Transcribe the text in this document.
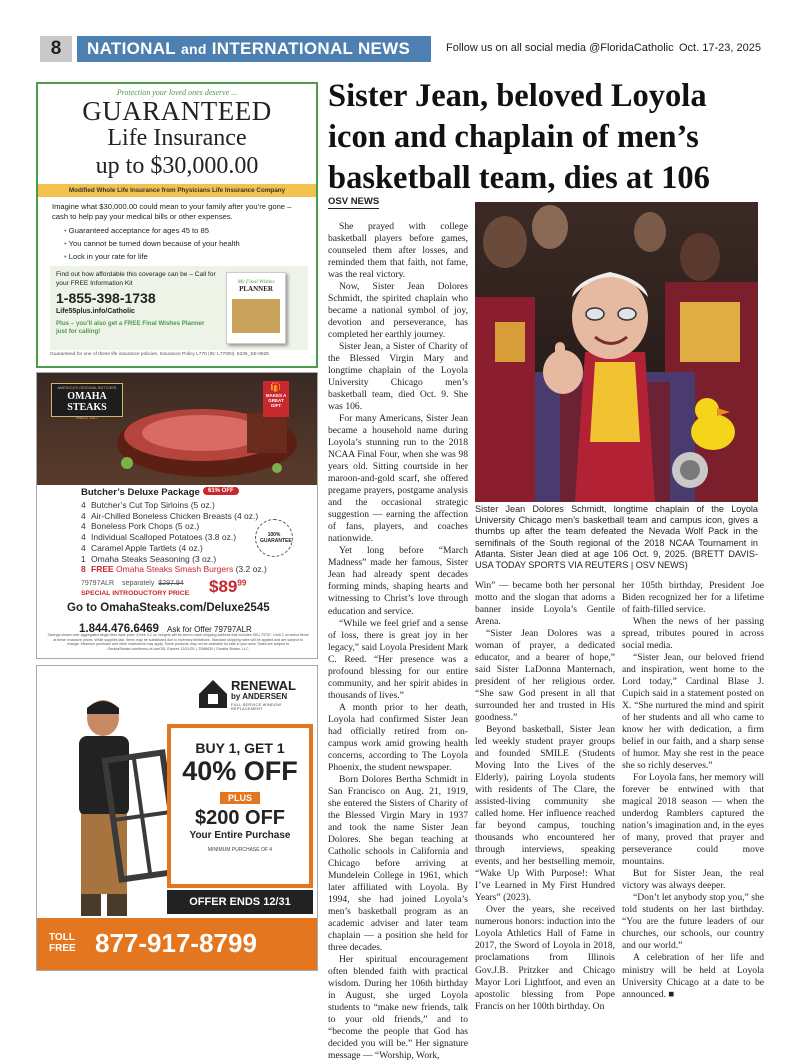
8	NATIONAL and INTERNATIONAL NEWS	Follow us on all social media @FloridaCatholic Oct. 17-23, 2025
Sister Jean, beloved Loyola icon and chaplain of men’s basketball team, dies at 106
OSV NEWS

She prayed with college basketball players before games, counseled them after losses, and reminded them that faith, not fame, was the real victory.

Now, Sister Jean Dolores Schmidt, the spirited chaplain who became a national symbol of joy, devotion and perseverance, has completed her earthly journey.

Sister Jean, a Sister of Charity of the Blessed Virgin Mary and longtime chaplain of the Loyola University Chicago men’s basketball team, died Oct. 9. She was 106.

For many Americans, Sister Jean became a household name during Loyola’s stunning run to the 2018 NCAA Final Four, when she was 98 years old. Sitting courtside in her maroon-and-gold scarf, she offered pregame prayers, postgame analysis and the occasional strategic suggestion — earning the affection of fans, players, and coaches nationwide.

Yet long before “March Madness” made her famous, Sister Jean had already spent decades forming minds, shaping hearts and witnessing to Christ’s love through education and service.

“While we feel grief and a sense of loss, there is great joy in her legacy,” said Loyola President Mark C. Reed. “Her presence was a profound blessing for our entire community, and her spirit abides in thousands of lives.”

A month prior to her death, Loyola had confirmed Sister Jean had officially retired from on-campus work amid growing health concerns, according to The Loyola Phoenix, the student newspaper.

Born Dolores Bertha Schmidt in San Francisco on Aug. 21, 1919, she entered the Sisters of Charity of the Blessed Virgin Mary in 1937 and took the name Sister Jean Dolores. She began teaching at Catholic schools in California and Chicago before arriving at Mundelein College in 1961, which later affiliated with Loyola. By 1994, she had joined Loyola’s men’s basketball program as an academic adviser and later team chaplain — a position she held for three decades.

Her spiritual encouragement often blended faith with practical wisdom. During her 106th birthday in August, she urged Loyola students to “make new friends, talk to your old friends,” and to “become the people that God has decided you will be.” Her signature message — “Worship, Work,

Sister Jean Dolores Schmidt, longtime chaplain of the Loyola University Chicago men’s basketball team and campus icon, gives a thumbs up after the team defeated the Nevada Wolf Pack in the semifinals of the South regional of the 2018 NCAA Tournament in Atlanta. Sister Jean died at age 106 Oct. 9, 2025. (BRETT DAVIS-USA TODAY SPORTS VIA REUTERS | OSV NEWS)

Win” — became both her personal motto and the slogan that adorns a banner inside Loyola’s Gentile Arena.

“Sister Jean Dolores was a woman of prayer, a dedicated educator, and a bearer of hope,” said Sister LaDonna Manternach, president of her religious order. “She saw God present in all that surrounded her and trusted in His goodness.”

Beyond basketball, Sister Jean led weekly student prayer groups and founded SMILE (Students Moving Into the Lives of the Elderly), pairing Loyola students with residents of The Clare, the assisted-living community she called home. Her influence reached far beyond campus, touching thousands who encountered her through interviews, speaking events, and her bestselling memoir, “Wake Up With Purpose!: What I’ve Learned in My First Hundred Years” (2023).

Over the years, she received numerous honors: induction into the Loyola Athletics Hall of Fame in 2017, the Sword of Loyola in 2018, proclamations from Illinois Gov.J.B. Pritzker and Chicago Mayor Lori Lightfoot, and even an apostolic blessing from Pope Francis on her 100th birthday. On

her 105th birthday, President Joe Biden recognized her for a lifetime of faith-filled service.

When the news of her passing spread, tributes poured in across social media.

“Sister Jean, our beloved friend and inspiration, went home to the Lord today,” Cardinal Blase J. Cupich said in a statement posted on X. “She nurtured the mind and spirit of her students and all who came to know her with dedication, a firm belief in our faith, and a sharp sense of humor. May she rest in the peace she so richly deserves.”

For Loyola fans, her memory will forever be entwined with that magical 2018 season — when the underdog Ramblers captured the nation’s imagination and, in the eyes of many, proved that prayer and perseverance could move mountains.

But for Sister Jean, the real victory was always deeper.

“Don’t let anybody stop you,” she told students on her last birthday. “You are the future leaders of our churches, our schools, our country and our world.”

A celebration of her life and ministry will be held at Loyola University Chicago at a date to be announced. ■

Protection your loved ones deserve ...
GUARANTEED
Life Insurance
up to $30,000.00
Modified Whole Life Insurance from Physicians Life Insurance Company
Imagine what $30,000.00 could mean to your family after you’re gone – cash to help pay your medical bills or other expenses.
• Guaranteed acceptance for ages 45 to 85
• You cannot be turned down because of your health
• Lock in your rate for life
Find out how affordable this coverage can be – Call for your FREE Information Kit
1-855-398-1738
Life55plus.info/Catholic
Plus – you’ll also get a FREE Final Wishes Planner just for calling!
My Final Wishes
PLANNER
Guaranteed for one of these life insurance policies. Insurance Policy L770 (IN: L770IN). 6236_SE-0625
AMERICA'S ORIGINAL BUTCHER
OMAHA STEAKS
SINCE 1917
🎁
MAKES A GREAT GIFT
Butcher’s Deluxe Package	61% OFF
4 Butcher’s Cut Top Sirloins (5 oz.)
4 Air-Chilled Boneless Chicken Breasts (4 oz.)
4 Boneless Pork Chops (5 oz.)
4 Individual Scalloped Potatoes (3.8 oz.)
4 Caramel Apple Tartlets (4 oz.)
1 Omaha Steaks Seasoning (3 oz.)
8 FREE Omaha Steaks Smash Burgers (3.2 oz.)
100% GUARANTEE
79797ALR separately $297.94
SPECIAL INTRODUCTORY PRICE $\$89^{99}$
Go to OmahaSteaks.com/Deluxe2545
1.844.476.6469 Ask for Offer 79797ALR
Savings shown over aggregated single item base price. 8 free 3.2 oz. burgers will be sent to each shipping address that includes SKU 79797. Limit 2 on select items at these exclusive prices. While supplies last. Items may be substituted due to inventory limitations. Standard shipping rates will be applied and are subject to change. Minimum purchase and other restrictions may apply. Some products may not be available for sale in your area. Sales are subject to OmahaSteaks.com/terms-of-useOSI. Expires 12/31/25. | 23M8630 | Omaha Steaks, LLC
RENEWAL
by ANDERSEN
FULL SERVICE WINDOW REPLACEMENT
BUY 1, GET 1
40% OFF
PLUS
$200 OFF
Your Entire Purchase
MINIMUM PURCHASE OF 4
OFFER ENDS 12/31
TOLL
FREE 877-917-8799
